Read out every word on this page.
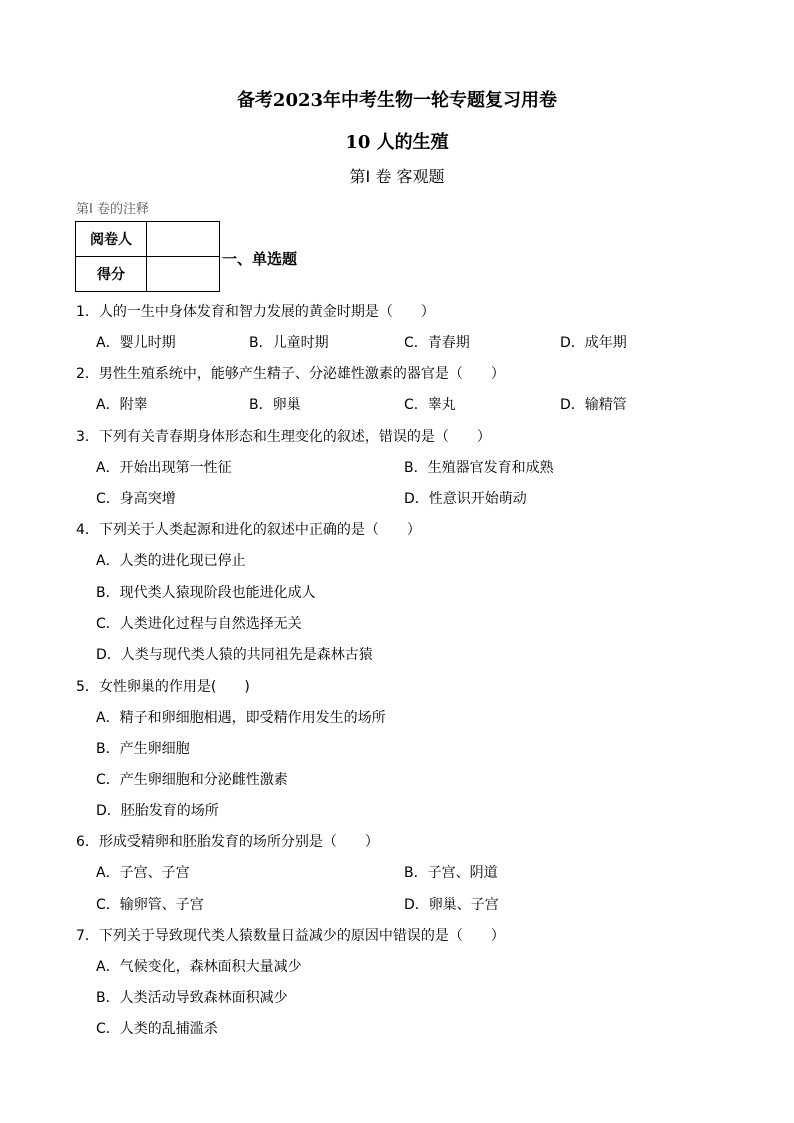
备考2023年中考生物一轮专题复习用卷
10 人的生殖
第Ⅰ 卷 客观题
第Ⅰ 卷的注释
阅卷人	
得分	
一、单选题
1．人的一生中身体发育和智力发展的黄金时期是（　　）
A．婴儿时期	B．儿童时期	C．青春期	D．成年期
2．男性生殖系统中，能够产生精子、分泌雄性激素的器官是（　　）
A．附睾	B．卵巢	C．睾丸	D．输精管
3．下列有关青春期身体形态和生理变化的叙述，错误的是（　　）
A．开始出现第一性征	B．生殖器官发育和成熟
C．身高突增	D．性意识开始萌动
4．下列关于人类起源和进化的叙述中正确的是（　　）
A．人类的进化现已停止
B．现代类人猿现阶段也能进化成人
C．人类进化过程与自然选择无关
D．人类与现代类人猿的共同祖先是森林古猿
5．女性卵巢的作用是(　　)
A．精子和卵细胞相遇，即受精作用发生的场所
B．产生卵细胞
C．产生卵细胞和分泌雌性激素
D．胚胎发育的场所
6．形成受精卵和胚胎发育的场所分别是（　　）
A．子宫、子宫	B．子宫、阴道
C．输卵管、子宫	D．卵巢、子宫
7．下列关于导致现代类人猿数量日益减少的原因中错误的是（　　）
A．气候变化，森林面积大量减少
B．人类活动导致森林面积减少
C．人类的乱捕滥杀
